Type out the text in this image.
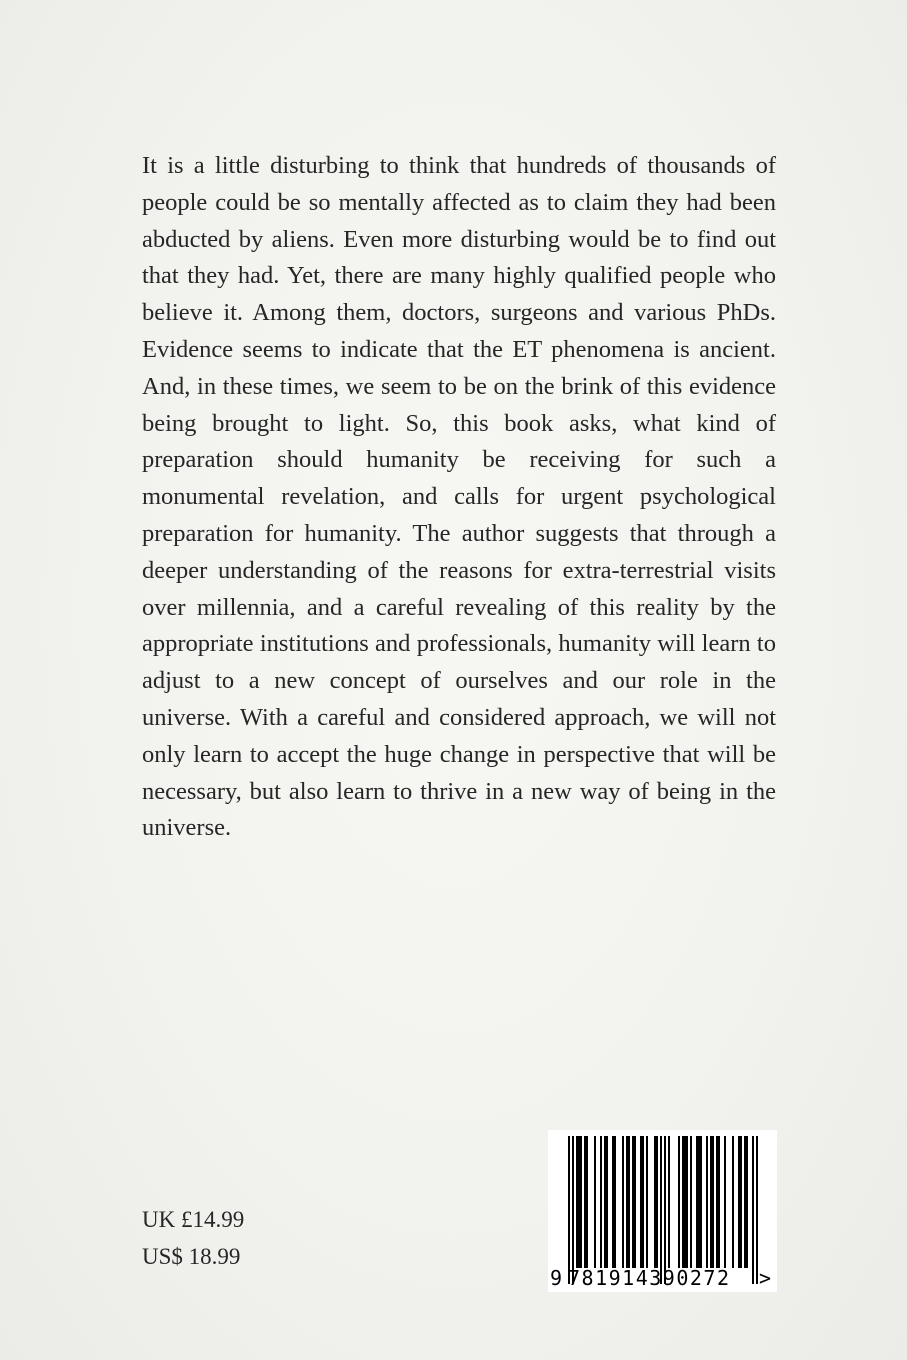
It is a little disturbing to think that hundreds of thousands of people could be so mentally affected as to claim they had been abducted by aliens. Even more disturbing would be to find out that they had. Yet, there are many highly qualified people who believe it. Among them, doctors, surgeons and various PhDs. Evidence seems to indicate that the ET phenomena is ancient. And, in these times, we seem to be on the brink of this evidence being brought to light. So, this book asks, what kind of preparation should humanity be receiving for such a monumental revelation, and calls for urgent psychological preparation for humanity. The author suggests that through a deeper understanding of the reasons for extra-terrestrial visits over millennia, and a careful revealing of this reality by the appropriate institutions and professionals, humanity will learn to adjust to a new concept of ourselves and our role in the universe. With a careful and considered approach, we will not only learn to accept the huge change in perspective that will be necessary, but also learn to thrive in a new way of being in the universe.

UK £14.99
US$ 18.99
9 781914390272 >
